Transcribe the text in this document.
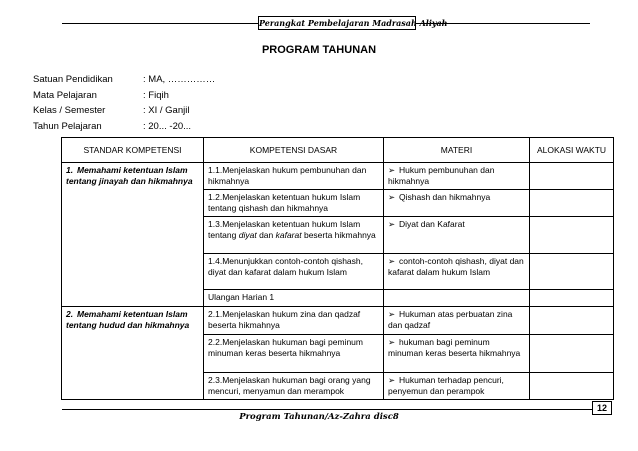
Perangkat Pembelajaran Madrasah Aliyah
PROGRAM TAHUNAN
Satuan Pendidikan	: MA, ……………
Mata Pelajaran	: Fiqih
Kelas / Semester	: XI / Ganjil
Tahun Pelajaran	: 20... -20...
STANDAR KOMPETENSI	KOMPETENSI DASAR	MATERI	ALOKASI WAKTU
1. Memahami ketentuan Islam tentang jinayah dan hikmahnya	1.1.Menjelaskan hukum pembunuhan dan hikmahnya	➢ Hukum pembunuhan dan hikmahnya	
	1.2.Menjelaskan ketentuan hukum Islam tentang qishash dan hikmahnya	➢ Qishash dan hikmahnya	
	1.3.Menjelaskan ketentuan hukum Islam tentang diyat dan kafarat beserta hikmahnya	➢ Diyat dan Kafarat	
	1.4.Menunjukkan contoh-contoh qishash, diyat dan kafarat dalam hukum Islam	➢ contoh-contoh qishash, diyat dan kafarat dalam hukum Islam	
	Ulangan Harian 1		
2. Memahami ketentuan Islam tentang hudud dan hikmahnya	2.1.Menjelaskan hukum zina dan qadzaf beserta hikmahnya	➢ Hukuman atas perbuatan zina dan qadzaf	
	2.2.Menjelaskan hukuman bagi peminum minuman keras beserta hikmahnya	➢ hukuman bagi peminum minuman keras beserta hikmahnya	
	2.3.Menjelaskan hukuman bagi orang yang mencuri, menyamun dan merampok	➢ Hukuman terhadap pencuri, penyemun dan perampok	
12
Program Tahunan/Az-Zahra disc8
